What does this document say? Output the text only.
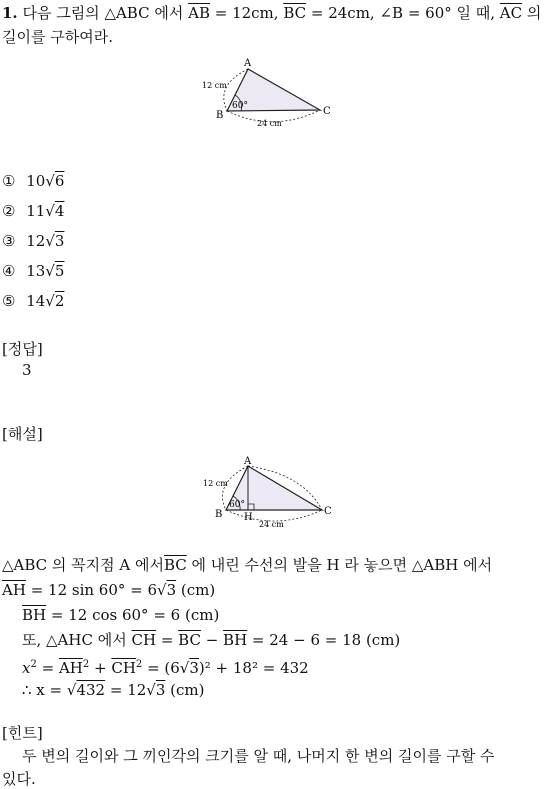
1. 다음 그림의 △ABC 에서 $\overline{AB} = 12cm$, $\overline{BC} = 24cm$, ∠B = 60° 일 때, $\overline{AC}$ 의
길이를 구하여라.
A
B	C
60°
12 cm
24 cm
① 10√6
② 11√4
③ 12√3
④ 13√5
⑤ 14√2
[정답]
3
[해설]
A
B	C
H
60°
12 cm
24 cm
△ABC 의 꼭지점 A 에서$\overline{BC}$ 에 내린 수선의 발을 H 라 놓으면 △ABH 에서
$\overline{AH} = 12$ sin 60° = 6√3 (cm)
$\overline{BH} = 12$ cos 60° = 6 (cm)
또, △AHC 에서 $\overline{CH} = \overline{BC} - \overline{BH} = 24 - 6 = 18$ (cm)
$x^2 = \overline{AH}^2 + \overline{CH}^2 = (6√3)^2 + 18^2 = 432$
∴ x = √432 = 12√3 (cm)
[힌트]
두 변의 길이와 그 끼인각의 크기를 알 때, 나머지 한 변의 길이를 구할 수
있다.
